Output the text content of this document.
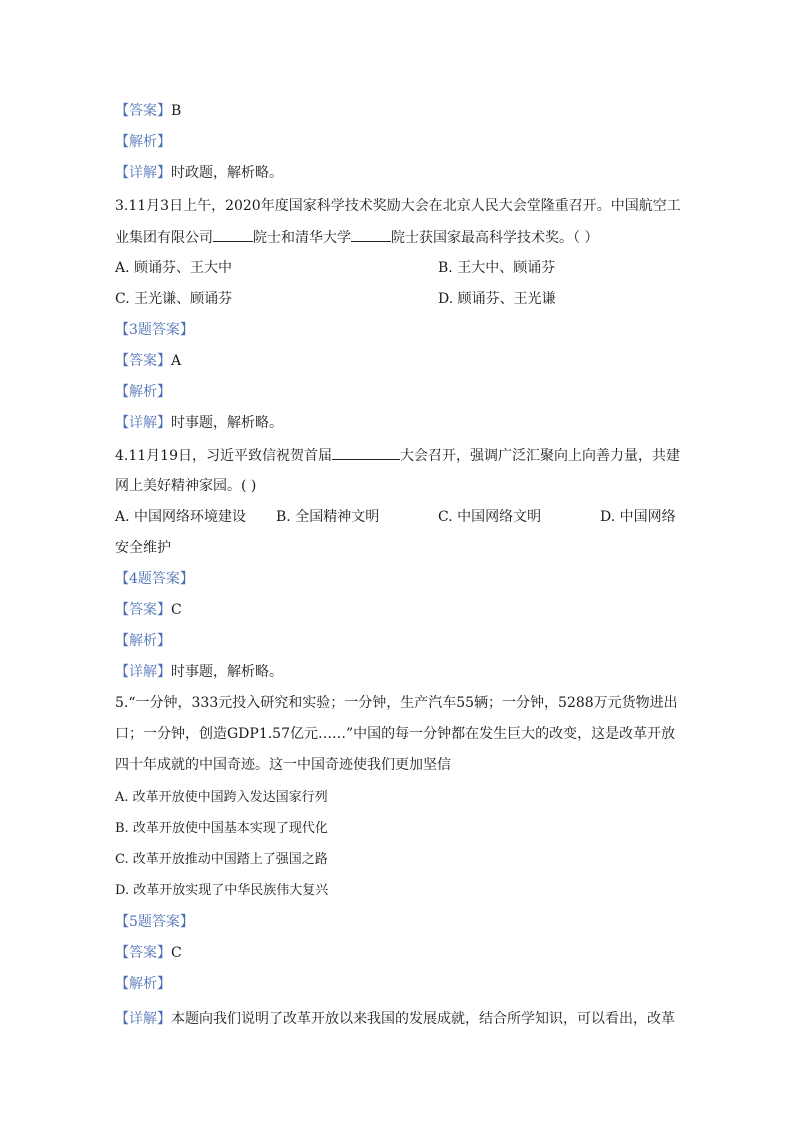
【答案】B
【解析】
【详解】时政题，解析略。
3.11月3日上午，2020年度国家科学技术奖励大会在北京人民大会堂隆重召开。中国航空工
业集团有限公司	院士和清华大学	院士获国家最高科学技术奖。（ ）
A. 顾诵芬、王大中	B. 王大中、顾诵芬
C. 王光谦、顾诵芬	D. 顾诵芬、王光谦
【3题答案】
【答案】A
【解析】
【详解】时事题，解析略。
4.11月19日，习近平致信祝贺首届	大会召开，强调广泛汇聚向上向善力量，共建
网上美好精神家园。( )
A. 中国网络环境建设 B. 全国精神文明	C. 中国网络文明	D. 中国网络
安全维护
【4题答案】
【答案】C
【解析】
【详解】时事题，解析略。
5.“一分钟，333元投入研究和实验；一分钟，生产汽车55辆；一分钟，5288万元货物进出
口；一分钟，创造GDP1.57亿元……”中国的每一分钟都在发生巨大的改变，这是改革开放
四十年成就的中国奇迹。这一中国奇迹使我们更加坚信
A. 改革开放使中国跨入发达国家行列
B. 改革开放使中国基本实现了现代化
C. 改革开放推动中国踏上了强国之路
D. 改革开放实现了中华民族伟大复兴
【5题答案】
【答案】C
【解析】
【详解】本题向我们说明了改革开放以来我国的发展成就，结合所学知识，可以看出，改革
